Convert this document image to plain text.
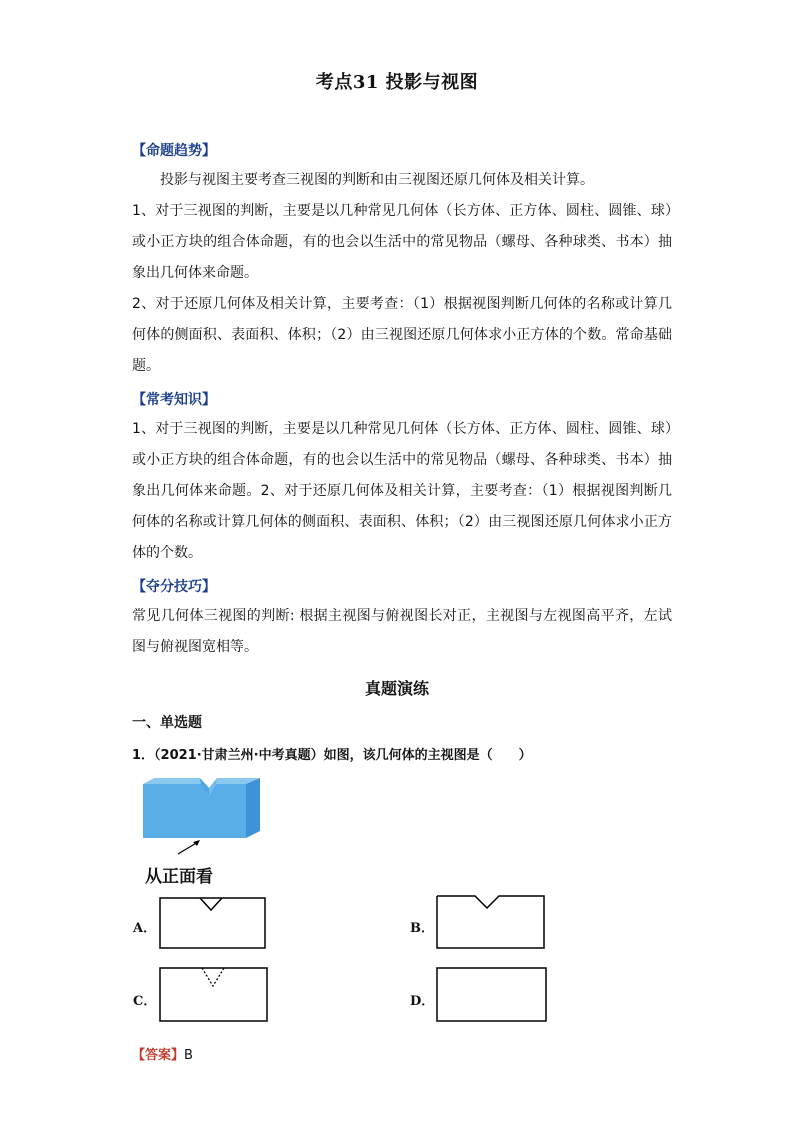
考点31 投影与视图
【命题趋势】
投影与视图主要考查三视图的判断和由三视图还原几何体及相关计算。
1、对于三视图的判断，主要是以几种常见几何体（长方体、正方体、圆柱、圆锥、球）或小正方块的组合体命题，有的也会以生活中的常见物品（螺母、各种球类、书本）抽象出几何体来命题。
2、对于还原几何体及相关计算，主要考查：（1）根据视图判断几何体的名称或计算几何体的侧面积、表面积、体积；（2）由三视图还原几何体求小正方体的个数。常命基础题。
【常考知识】
1、对于三视图的判断，主要是以几种常见几何体（长方体、正方体、圆柱、圆锥、球）或小正方块的组合体命题，有的也会以生活中的常见物品（螺母、各种球类、书本）抽象出几何体来命题。2、对于还原几何体及相关计算，主要考查：（1）根据视图判断几何体的名称或计算几何体的侧面积、表面积、体积；（2）由三视图还原几何体求小正方体的个数。
【夺分技巧】
常见几何体三视图的判断: 根据主视图与俯视图长对正，主视图与左视图高平齐，左试图与俯视图宽相等。
真题演练
一、单选题
1．（2021·甘肃兰州·中考真题）如图，该几何体的主视图是（　　）
从正面看
A．	B．
C．	D．
【答案】B
